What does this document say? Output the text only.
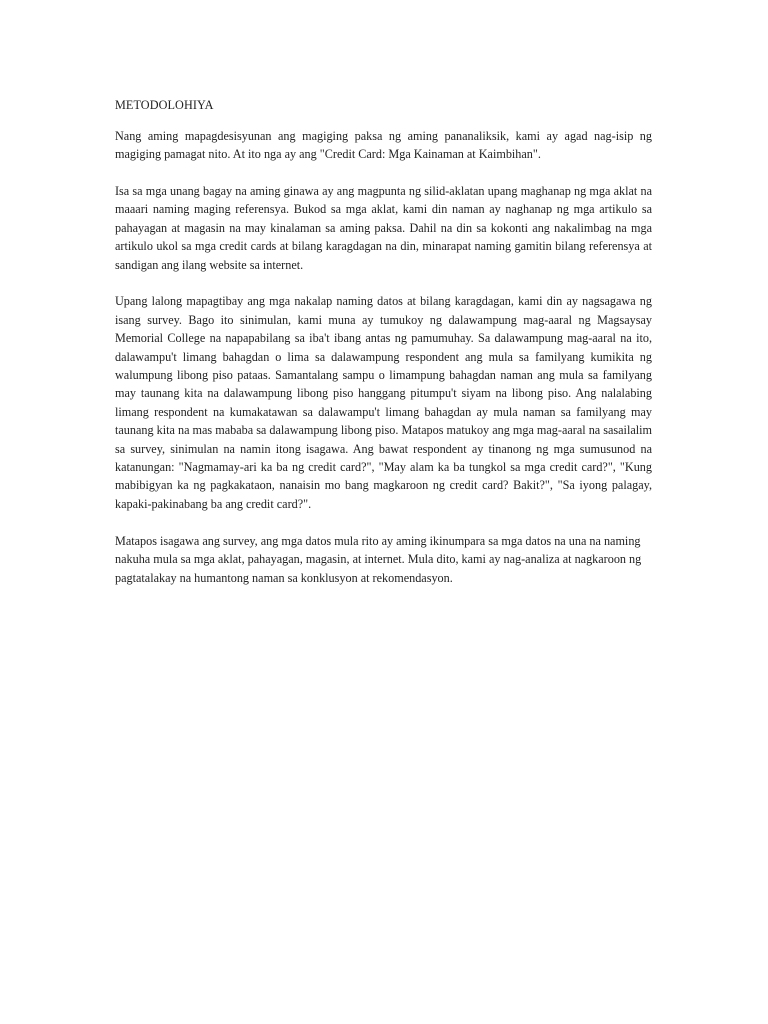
METODOLOHIYA

Nang aming mapagdesisyunan ang magiging paksa ng aming pananaliksik, kami ay agad nag-isip ng magiging pamagat nito. At ito nga ay ang "Credit Card: Mga Kainaman at Kaimbihan".

Isa sa mga unang bagay na aming ginawa ay ang magpunta ng silid-aklatan upang maghanap ng mga aklat na maaari naming maging referensya. Bukod sa mga aklat, kami din naman ay naghanap ng mga artikulo sa pahayagan at magasin na may kinalaman sa aming paksa. Dahil na din sa kokonti ang nakalimbag na mga artikulo ukol sa mga credit cards at bilang karagdagan na din, minarapat naming gamitin bilang referensya at sandigan ang ilang website sa internet.

Upang lalong mapagtibay ang mga nakalap naming datos at bilang karagdagan, kami din ay nagsagawa ng isang survey. Bago ito sinimulan, kami muna ay tumukoy ng dalawampung mag-aaral ng Magsaysay Memorial College na napapabilang sa iba't ibang antas ng pamumuhay. Sa dalawampung mag-aaral na ito, dalawampu't limang bahagdan o lima sa dalawampung respondent ang mula sa familyang kumikita ng walumpung libong piso pataas. Samantalang sampu o limampung bahagdan naman ang mula sa familyang may taunang kita na dalawampung libong piso hanggang pitumpu't siyam na libong piso. Ang nalalabing limang respondent na kumakatawan sa dalawampu't limang bahagdan ay mula naman sa familyang may taunang kita na mas mababa sa dalawampung libong piso. Matapos matukoy ang mga mag-aaral na sasailalim sa survey, sinimulan na namin itong isagawa. Ang bawat respondent ay tinanong ng mga sumusunod na katanungan: "Nagmamay-ari ka ba ng credit card?", "May alam ka ba tungkol sa mga credit card?", "Kung mabibigyan ka ng pagkakataon, nanaisin mo bang magkaroon ng credit card? Bakit?", "Sa iyong palagay, kapaki-pakinabang ba ang credit card?".

Matapos isagawa ang survey, ang mga datos mula rito ay aming ikinumpara sa mga datos na una na naming nakuha mula sa mga aklat, pahayagan, magasin, at internet. Mula dito, kami ay nag-analiza at nagkaroon ng pagtatalakay na humantong naman sa konklusyon at rekomendasyon.
